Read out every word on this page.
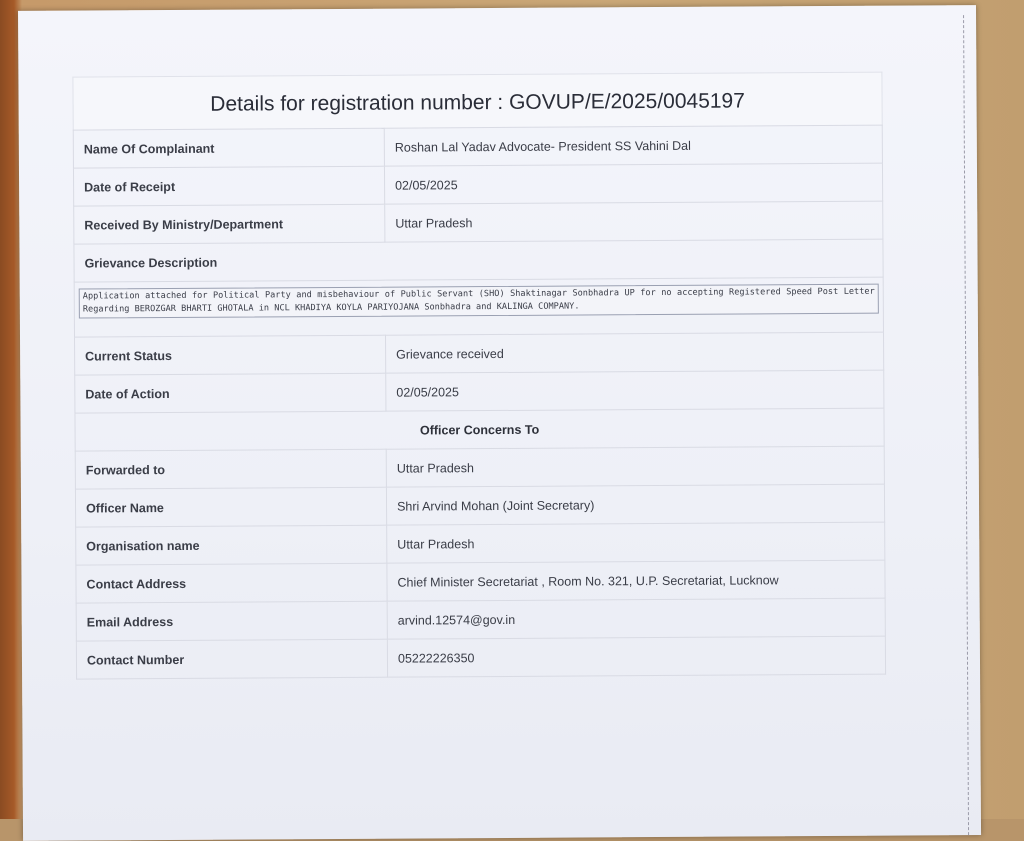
Details for registration number : GOVUP/E/2025/0045197
Name Of Complainant	Roshan Lal Yadav Advocate- President SS Vahini Dal
Date of Receipt	02/05/2025
Received By Ministry/Department	Uttar Pradesh
Grievance Description	

Application attached for Political Party and misbehaviour of Public Servant (SHO) Shaktinagar Sonbhadra UP for no accepting Registered Speed Post Letter Regarding BEROZGAR BHARTI GHOTALA in NCL KHADIYA KOYLA PARIYOJANA Sonbhadra and KALINGA COMPANY.	

Current Status	Grievance received
Date of Action	02/05/2025
Officer Concerns To	
Forwarded to	Uttar Pradesh
Officer Name	Shri Arvind Mohan (Joint Secretary)
Organisation name	Uttar Pradesh
Contact Address	Chief Minister Secretariat , Room No. 321, U.P. Secretariat, Lucknow
Email Address	arvind.12574@gov.in
Contact Number	05222226350
